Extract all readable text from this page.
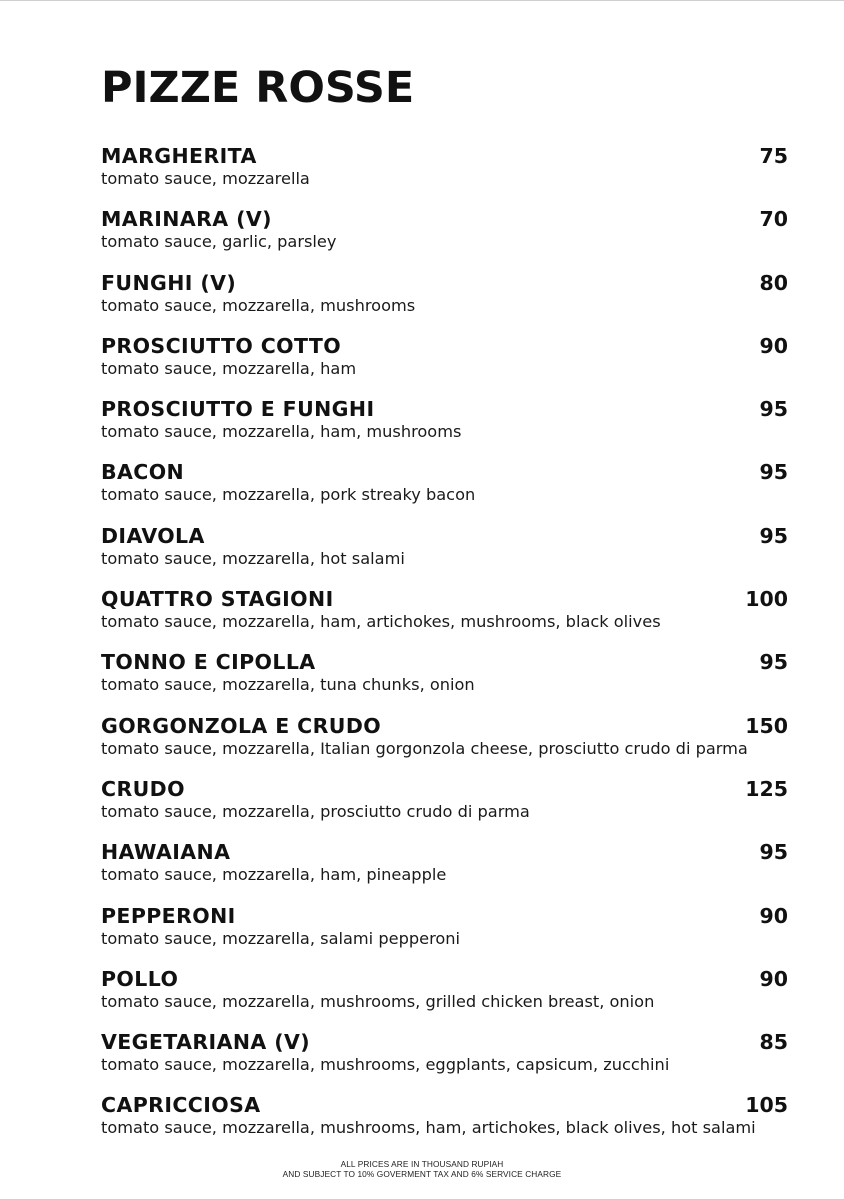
PIZZE ROSSE
MARGHERITA	75
tomato sauce, mozzarella
MARINARA (V)	70
tomato sauce, garlic, parsley
FUNGHI (V)	80
tomato sauce, mozzarella, mushrooms
PROSCIUTTO COTTO	90
tomato sauce, mozzarella, ham
PROSCIUTTO E FUNGHI	95
tomato sauce, mozzarella, ham, mushrooms
BACON	95
tomato sauce, mozzarella, pork streaky bacon
DIAVOLA	95
tomato sauce, mozzarella, hot salami
QUATTRO STAGIONI	100
tomato sauce, mozzarella, ham, artichokes, mushrooms, black olives
TONNO E CIPOLLA	95
tomato sauce, mozzarella, tuna chunks, onion
GORGONZOLA E CRUDO	150
tomato sauce, mozzarella, Italian gorgonzola cheese, prosciutto crudo di parma
CRUDO	125
tomato sauce, mozzarella, prosciutto crudo di parma
HAWAIANA	95
tomato sauce, mozzarella, ham, pineapple
PEPPERONI	90
tomato sauce, mozzarella, salami pepperoni
POLLO	90
tomato sauce, mozzarella, mushrooms, grilled chicken breast, onion
VEGETARIANA (V)	85
tomato sauce, mozzarella, mushrooms, eggplants, capsicum, zucchini
CAPRICCIOSA	105
tomato sauce, mozzarella, mushrooms, ham, artichokes, black olives, hot salami
ALL PRICES ARE IN THOUSAND RUPIAH
AND SUBJECT TO 10% GOVERMENT TAX AND 6% SERVICE CHARGE
